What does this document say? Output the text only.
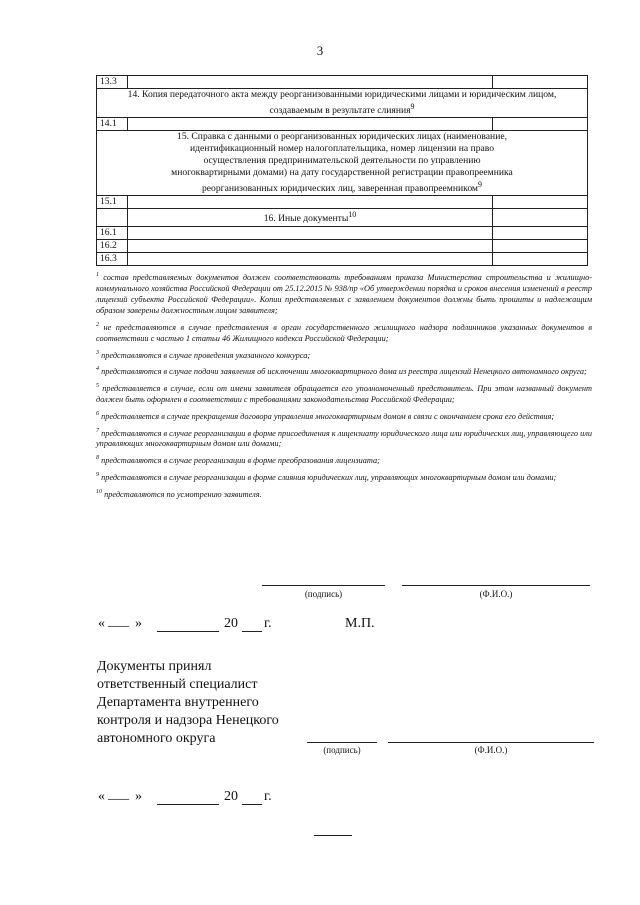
3
13.3		
14. Копия передаточного акта между реорганизованными юридическими лицами и юридическим лицом, создаваемым в результате слияния$^9$
14.1		

15. Справка с данными о реорганизованных юридических лицах (наименование,
идентификационный номер налогоплательщика, номер лицензии на право
осуществления предпринимательской деятельности по управлению
многоквартирными домами) на дату государственной регистрации правопреемника
реорганизованных юридических лиц, заверенная правопреемником$^9$

15.1		
	16. Иные документы$^{10}$	
16.1		
16.2		
16.3		

$^1$ состав представляемых документов должен соответствовать требованиям приказа Министерства строительства и жилищно-коммунального хозяйства Российской Федерации от 25.12.2015 № 938/пр «Об утверждении порядка и сроков внесения изменений в реестр лицензий субъекта Российской Федерации». Копии представляемых с заявлением документов должны быть прошиты и надлежащим образом заверены должностным лицом заявителя;

$^2$ не представляются в случае представления в орган государственного жилищного надзора подлинников указанных документов в соответствии с частью 1 статьи 46 Жилищного кодекса Российской Федерации;

$^3$ представляются в случае проведения указанного конкурса;

$^4$ представляются в случае подачи заявления об исключении многоквартирного дома из реестра лицензий Ненецкого автономного округа;

$^5$ представляется в случае, если от имени заявителя обращается его уполномоченный представитель. При этом названный документ должен быть оформлен в соответствии с требованиями законодательства Российской Федерации;

$^6$ представляется в случае прекращения договора управления многоквартирным домом в связи с окончанием срока его действия;

$^7$ представляются в случае реорганизации в форме присоединения к лицензиату юридического лица или юридических лиц, управляющего или управляющих многоквартирным домом или домами;

$^8$ представляются в случае реорганизации в форме преобразования лицензиата;

$^9$ представляются в случае реорганизации в форме слияния юридических лиц, управляющих многоквартирным домом или домами;

$^{10}$ представляются по усмотрению заявителя.

(подпись)	(Ф.И.О.)
« ___ »	20 г.	М.П.
Документы принял
ответственный специалист
Департамента внутреннего
контроля и надзора Ненецкого
автономного округа
(подпись)	(Ф.И.О.)
« ___ »	20 г.
